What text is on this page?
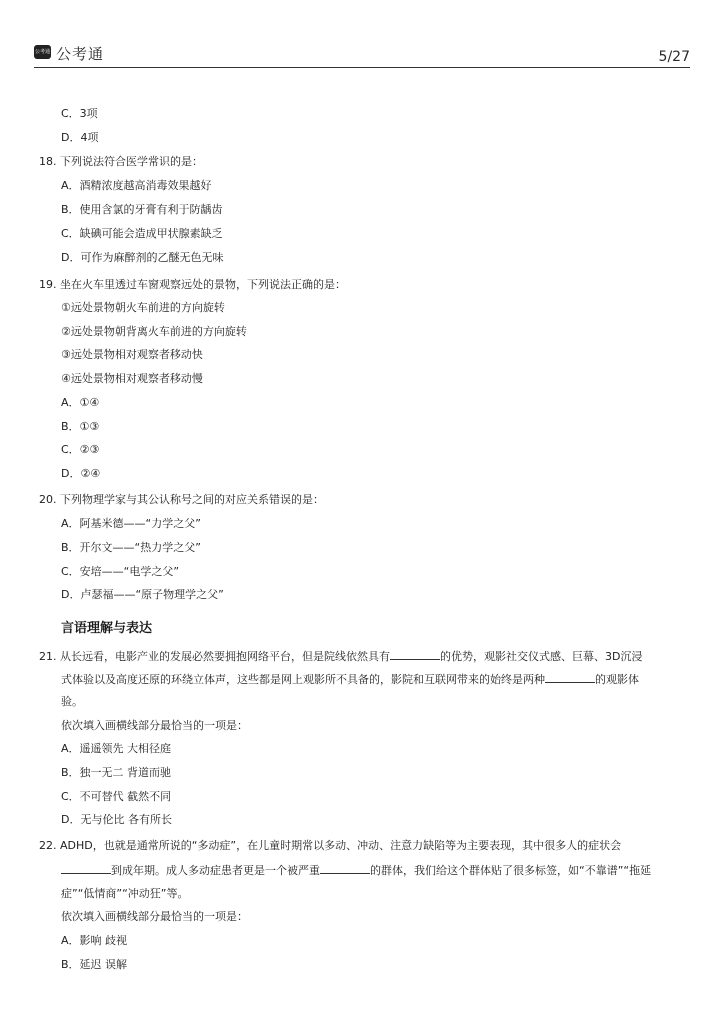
公考通 公考通	5/27
C．3项
D．4项
18. 下列说法符合医学常识的是：
A．酒精浓度越高消毒效果越好
B．使用含氯的牙膏有利于防龋齿
C．缺碘可能会造成甲状腺素缺乏
D．可作为麻醉剂的乙醚无色无味
19. 坐在火车里透过车窗观察远处的景物，下列说法正确的是：
①远处景物朝火车前进的方向旋转
②远处景物朝背离火车前进的方向旋转
③远处景物相对观察者移动快
④远处景物相对观察者移动慢
A．①④
B．①③
C．②③
D．②④
20. 下列物理学家与其公认称号之间的对应关系错误的是：
A．阿基米德——“力学之父”
B．开尔文——“热力学之父”
C．安培——“电学之父”
D．卢瑟福——“原子物理学之父”
言语理解与表达
21. 从长远看，电影产业的发展必然要拥抱网络平台，但是院线依然具有	的优势，观影社交仪式感、巨幕、3D沉浸
式体验以及高度还原的环绕立体声，这些都是网上观影所不具备的，影院和互联网带来的始终是两种	的观影体
验。
依次填入画横线部分最恰当的一项是：
A．遥遥领先 大相径庭
B．独一无二 背道而驰
C．不可替代 截然不同
D．无与伦比 各有所长
22. ADHD，也就是通常所说的“多动症”，在儿童时期常以多动、冲动、注意力缺陷等为主要表现，其中很多人的症状会
到成年期。成人多动症患者更是一个被严重	的群体，我们给这个群体贴了很多标签，如“不靠谱”“拖延
症”“低情商”“冲动狂”等。
依次填入画横线部分最恰当的一项是：
A．影响 歧视
B．延迟 误解
